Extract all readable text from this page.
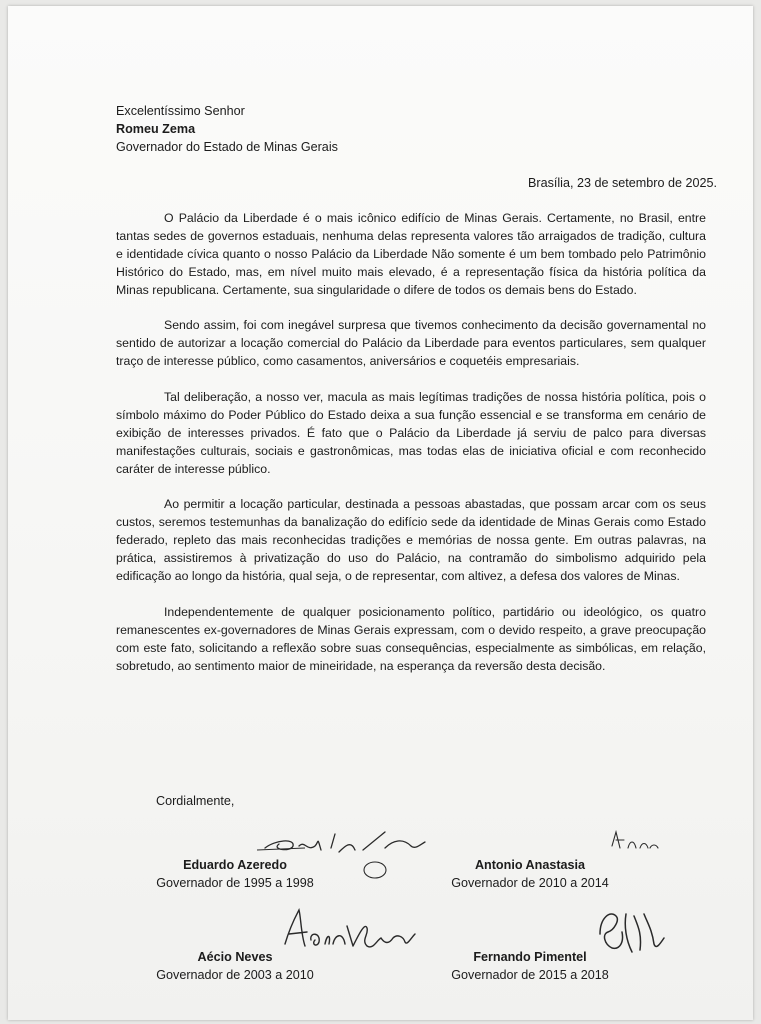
Excelentíssimo Senhor
Romeu Zema
Governador do Estado de Minas Gerais
Brasília, 23 de setembro de 2025.

O Palácio da Liberdade é o mais icônico edifício de Minas Gerais. Certamente, no Brasil, entre tantas sedes de governos estaduais, nenhuma delas representa valores tão arraigados de tradição, cultura e identidade cívica quanto o nosso Palácio da Liberdade Não somente é um bem tombado pelo Patrimônio Histórico do Estado, mas, em nível muito mais elevado, é a representação física da história política da Minas republicana. Certamente, sua singularidade o difere de todos os demais bens do Estado.

Sendo assim, foi com inegável surpresa que tivemos conhecimento da decisão governamental no sentido de autorizar a locação comercial do Palácio da Liberdade para eventos particulares, sem qualquer traço de interesse público, como casamentos, aniversários e coquetéis empresariais.

Tal deliberação, a nosso ver, macula as mais legítimas tradições de nossa história política, pois o símbolo máximo do Poder Público do Estado deixa a sua função essencial e se transforma em cenário de exibição de interesses privados. É fato que o Palácio da Liberdade já serviu de palco para diversas manifestações culturais, sociais e gastronômicas, mas todas elas de iniciativa oficial e com reconhecido caráter de interesse público.

Ao permitir a locação particular, destinada a pessoas abastadas, que possam arcar com os seus custos, seremos testemunhas da banalização do edifício sede da identidade de Minas Gerais como Estado federado, repleto das mais reconhecidas tradições e memórias de nossa gente. Em outras palavras, na prática, assistiremos à privatização do uso do Palácio, na contramão do simbolismo adquirido pela edificação ao longo da história, qual seja, o de representar, com altivez, a defesa dos valores de Minas.

Independentemente de qualquer posicionamento político, partidário ou ideológico, os quatro remanescentes ex-governadores de Minas Gerais expressam, com o devido respeito, a grave preocupação com este fato, solicitando a reflexão sobre suas consequências, especialmente as simbólicas, em relação, sobretudo, ao sentimento maior de mineiridade, na esperança da reversão desta decisão.

Cordialmente,
Eduardo Azeredo
Governador de 1995 a 1998
Antonio Anastasia
Governador de 2010 a 2014
Aécio Neves
Governador de 2003 a 2010
Fernando Pimentel
Governador de 2015 a 2018
